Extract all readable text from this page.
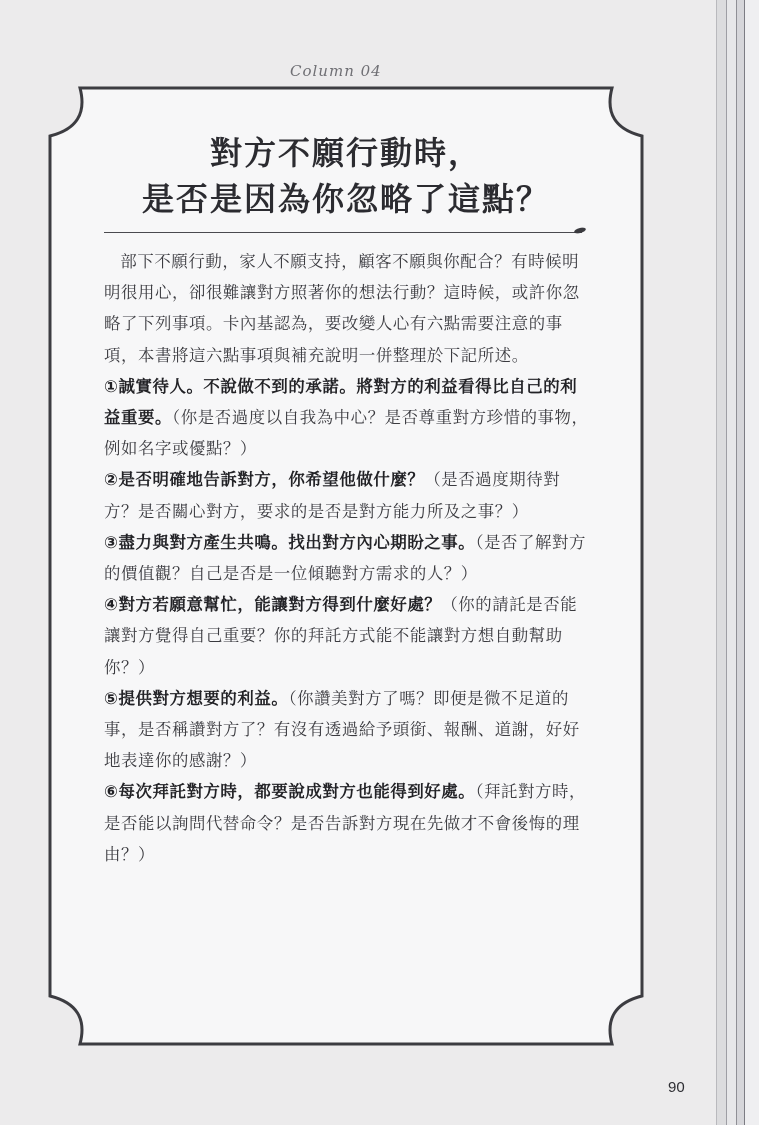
Column 04
對方不願行動時，
是否是因為你忽略了這點？

部下不願行動，家人不願支持，顧客不願與你配合？有時候明明很用心，卻很難讓對方照著你的想法行動？這時候，或許你忽略了下列事項。卡內基認為，要改變人心有六點需要注意的事項，本書將這六點事項與補充說明一併整理於下記所述。

①誠實待人。不說做不到的承諾。將對方的利益看得比自己的利益重要。（你是否過度以自我為中心？是否尊重對方珍惜的事物，例如名字或優點？）

②是否明確地告訴對方，你希望他做什麼？（是否過度期待對方？是否關心對方，要求的是否是對方能力所及之事？）

③盡力與對方產生共鳴。找出對方內心期盼之事。（是否了解對方的價值觀？自己是否是一位傾聽對方需求的人？）

④對方若願意幫忙，能讓對方得到什麼好處？（你的請託是否能讓對方覺得自己重要？你的拜託方式能不能讓對方想自動幫助你？）

⑤提供對方想要的利益。（你讚美對方了嗎？即便是微不足道的事，是否稱讚對方了？有沒有透過給予頭銜、報酬、道謝，好好地表達你的感謝？）

⑥每次拜託對方時，都要說成對方也能得到好處。（拜託對方時，是否能以詢問代替命令？是否告訴對方現在先做才不會後悔的理由？）

90
